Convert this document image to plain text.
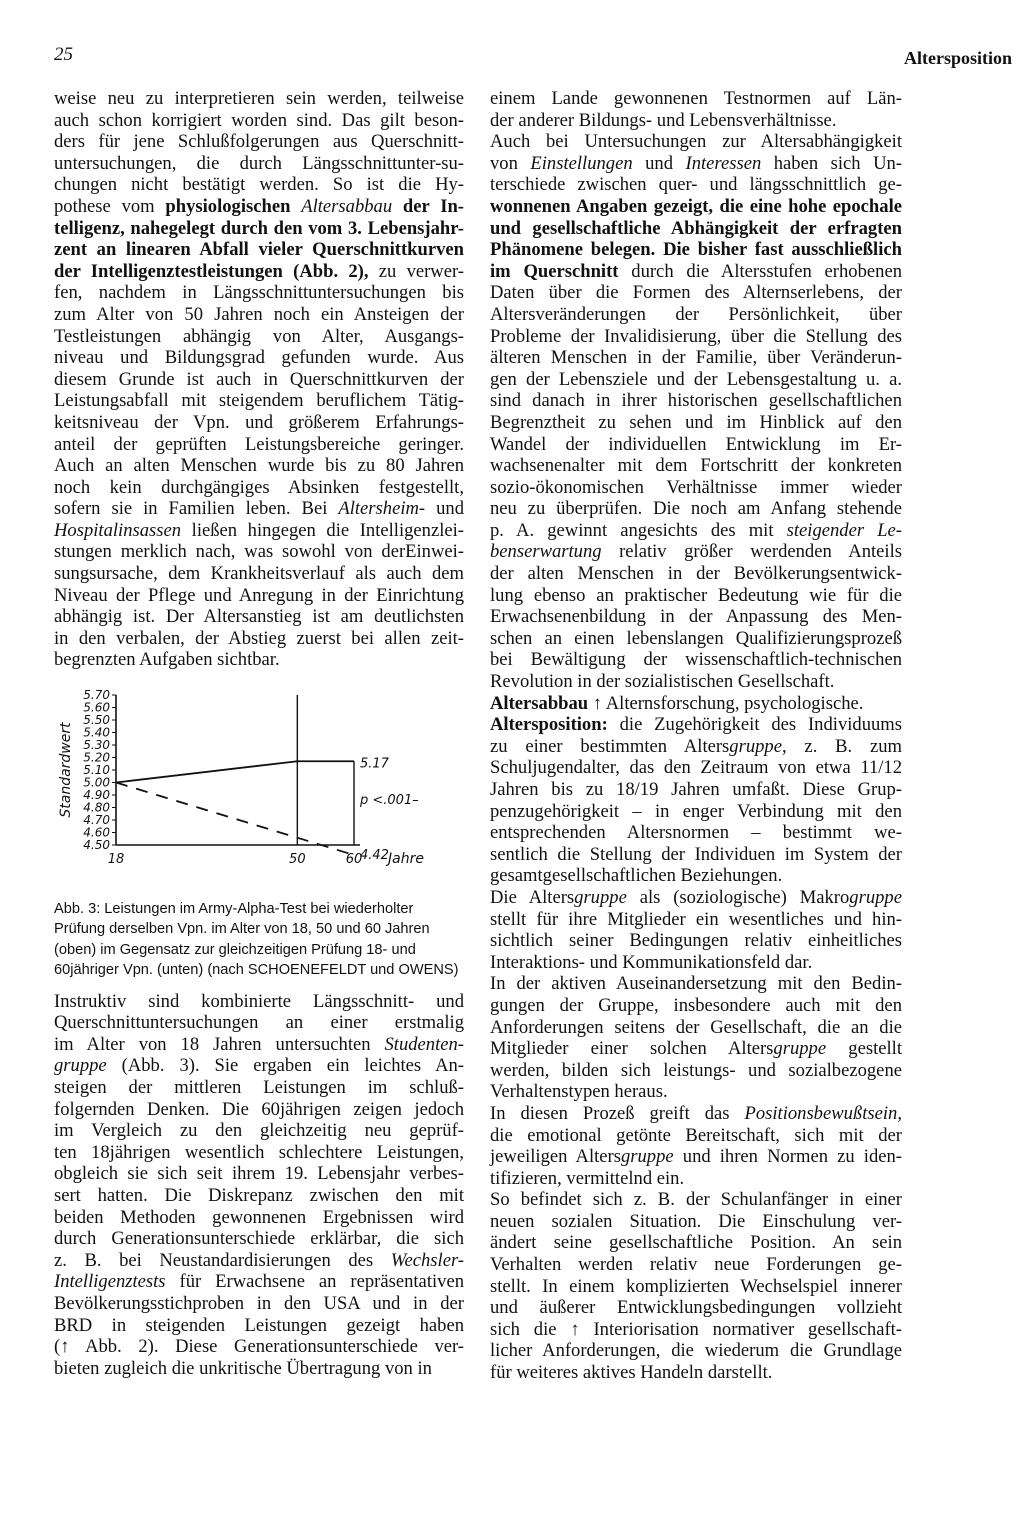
25	Altersposition

weise neu zu interpretieren sein werden, teilweise
auch schon korrigiert worden sind. Das gilt beson-
ders für jene Schlußfolgerungen aus Querschnitt-
untersuchungen, die durch Längsschnittunter-su-
chungen nicht bestätigt werden. So ist die Hy-
pothese vom physiologischen Altersabbau der In-
telligenz, nahegelegt durch den vom 3. Lebensjahr-
zent an linearen Abfall vieler Querschnittkurven
der Intelligenztestleistungen (Abb. 2), zu verwer-
fen, nachdem in Längsschnittuntersuchungen bis
zum Alter von 50 Jahren noch ein Ansteigen der
Testleistungen abhängig von Alter, Ausgangs-
niveau und Bildungsgrad gefunden wurde. Aus
diesem Grunde ist auch in Querschnittkurven der
Leistungsabfall mit steigendem beruflichem Tätig-
keitsniveau der Vpn. und größerem Erfahrungs-
anteil der geprüften Leistungsbereiche geringer.
Auch an alten Menschen wurde bis zu 80 Jahren
noch kein durchgängiges Absinken festgestellt,
sofern sie in Familien leben. Bei Altersheim- und
Hospitalinsassen ließen hingegen die Intelligenzlei-
stungen merklich nach, was sowohl von derEinwei-
sungsursache, dem Krankheitsverlauf als auch dem
Niveau der Pflege und Anregung in der Einrichtung
abhängig ist. Der Altersanstieg ist am deutlichsten
in den verbalen, der Abstieg zuerst bei allen zeit-
begrenzten Aufgaben sichtbar.

5.70
5.60
5.50
5.40
5.30
5.20
5.10
5.00
4.90
4.80
4.70
4.60
4.50
18	50	60 Jahre
Standardwert	5.17
p <.001–
4.42
Abb. 3: Leistungen im Army-Alpha-Test bei wiederholter Prüfung derselben Vpn. im Alter von 18, 50 und 60 Jahren (oben) im Gegensatz zur gleichzeitigen Prüfung 18- und 60jähriger Vpn. (unten) (nach SCHOENEFELDT und OWENS)

Instruktiv sind kombinierte Längsschnitt- und
Querschnittuntersuchungen an einer erstmalig
im Alter von 18 Jahren untersuchten Studenten-
gruppe (Abb. 3). Sie ergaben ein leichtes An-
steigen der mittleren Leistungen im schluß-
folgernden Denken. Die 60jährigen zeigen jedoch
im Vergleich zu den gleichzeitig neu geprüf-
ten 18jährigen wesentlich schlechtere Leistungen,
obgleich sie sich seit ihrem 19. Lebensjahr verbes-
sert hatten. Die Diskrepanz zwischen den mit
beiden Methoden gewonnenen Ergebnissen wird
durch Generationsunterschiede erklärbar, die sich
z. B. bei Neustandardisierungen des Wechsler-
Intelligenztests für Erwachsene an repräsentativen
Bevölkerungsstichproben in den USA und in der
BRD in steigenden Leistungen gezeigt haben
(↑ Abb. 2). Diese Generationsunterschiede ver-
bieten zugleich die unkritische Übertragung von in

einem Lande gewonnenen Testnormen auf Län-
der anderer Bildungs- und Lebensverhältnisse.

Auch bei Untersuchungen zur Altersabhängigkeit
von Einstellungen und Interessen haben sich Un-
terschiede zwischen quer- und längsschnittlich ge-
wonnenen Angaben gezeigt, die eine hohe epochale
und gesellschaftliche Abhängigkeit der erfragten
Phänomene belegen. Die bisher fast ausschließlich
im Querschnitt durch die Altersstufen erhobenen
Daten über die Formen des Alternserlebens, der
Altersveränderungen der Persönlichkeit, über
Probleme der Invalidisierung, über die Stellung des
älteren Menschen in der Familie, über Veränderun-
gen der Lebensziele und der Lebensgestaltung u. a.
sind danach in ihrer historischen gesellschaftlichen
Begrenztheit zu sehen und im Hinblick auf den
Wandel der individuellen Entwicklung im Er-
wachsenenalter mit dem Fortschritt der konkreten
sozio-ökonomischen Verhältnisse immer wieder
neu zu überprüfen. Die noch am Anfang stehende
p. A. gewinnt angesichts des mit steigender Le-
benserwartung relativ größer werdenden Anteils
der alten Menschen in der Bevölkerungsentwick-
lung ebenso an praktischer Bedeutung wie für die
Erwachsenenbildung in der Anpassung des Men-
schen an einen lebenslangen Qualifizierungsprozeß
bei Bewältigung der wissenschaftlich-technischen
Revolution in der sozialistischen Gesellschaft.

Altersabbau ↑ Alternsforschung, psychologische.

Altersposition: die Zugehörigkeit des Individuums
zu einer bestimmten Altersgruppe, z. B. zum
Schuljugendalter, das den Zeitraum von etwa 11/12
Jahren bis zu 18/19 Jahren umfaßt. Diese Grup-
penzugehörigkeit – in enger Verbindung mit den
entsprechenden Altersnormen – bestimmt we-
sentlich die Stellung der Individuen im System der
gesamtgesellschaftlichen Beziehungen.

Die Altersgruppe als (soziologische) Makrogruppe
stellt für ihre Mitglieder ein wesentliches und hin-
sichtlich seiner Bedingungen relativ einheitliches
Interaktions- und Kommunikationsfeld dar.

In der aktiven Auseinandersetzung mit den Bedin-
gungen der Gruppe, insbesondere auch mit den
Anforderungen seitens der Gesellschaft, die an die
Mitglieder einer solchen Altersgruppe gestellt
werden, bilden sich leistungs- und sozialbezogene
Verhaltenstypen heraus.

In diesen Prozeß greift das Positionsbewußtsein,
die emotional getönte Bereitschaft, sich mit der
jeweiligen Altersgruppe und ihren Normen zu iden-
tifizieren, vermittelnd ein.

So befindet sich z. B. der Schulanfänger in einer
neuen sozialen Situation. Die Einschulung ver-
ändert seine gesellschaftliche Position. An sein
Verhalten werden relativ neue Forderungen ge-
stellt. In einem komplizierten Wechselspiel innerer
und äußerer Entwicklungsbedingungen vollzieht
sich die ↑ Interiorisation normativer gesellschaft-
licher Anforderungen, die wiederum die Grundlage
für weiteres aktives Handeln darstellt.
